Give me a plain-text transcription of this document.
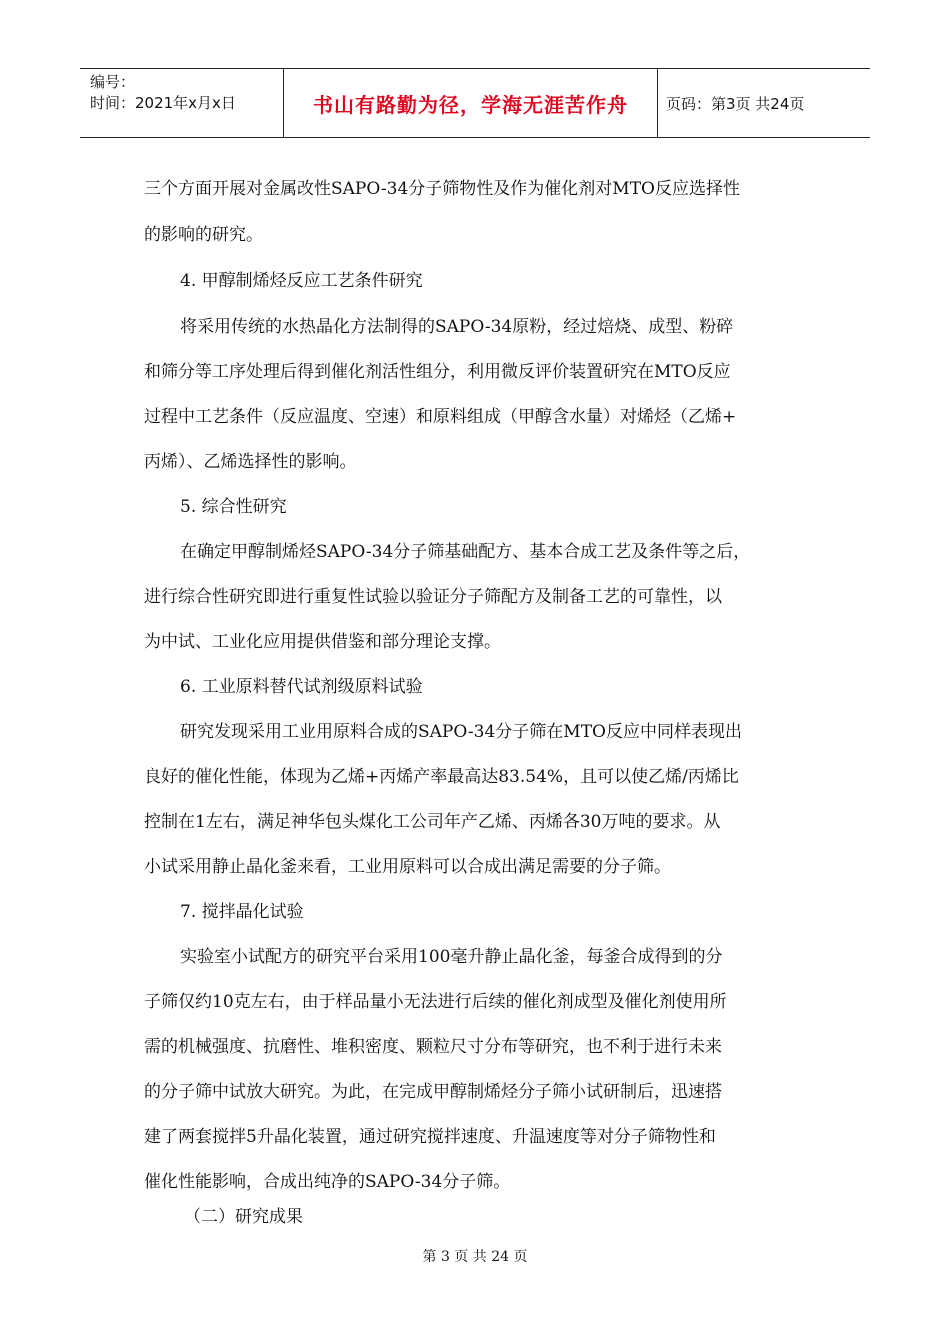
编号：
时间：2021年x月x日	书山有路勤为径，学海无涯苦作舟	页码：第3页 共24页
三个方面开展对金属改性SAPO-34分子筛物性及作为催化剂对MTO反应选择性
的影响的研究。
4. 甲醇制烯烃反应工艺条件研究
将采用传统的水热晶化方法制得的SAPO-34原粉，经过焙烧、成型、粉碎
和筛分等工序处理后得到催化剂活性组分，利用微反评价装置研究在MTO反应
过程中工艺条件（反应温度、空速）和原料组成（甲醇含水量）对烯烃（乙烯+
丙烯）、乙烯选择性的影响。
5. 综合性研究
在确定甲醇制烯烃SAPO-34分子筛基础配方、基本合成工艺及条件等之后，
进行综合性研究即进行重复性试验以验证分子筛配方及制备工艺的可靠性，以
为中试、工业化应用提供借鉴和部分理论支撑。
6. 工业原料替代试剂级原料试验
研究发现采用工业用原料合成的SAPO-34分子筛在MTO反应中同样表现出
良好的催化性能，体现为乙烯+丙烯产率最高达83.54%，且可以使乙烯/丙烯比
控制在1左右，满足神华包头煤化工公司年产乙烯、丙烯各30万吨的要求。从
小试采用静止晶化釜来看，工业用原料可以合成出满足需要的分子筛。
7. 搅拌晶化试验
实验室小试配方的研究平台采用100毫升静止晶化釜，每釜合成得到的分
子筛仅约10克左右，由于样品量小无法进行后续的催化剂成型及催化剂使用所
需的机械强度、抗磨性、堆积密度、颗粒尺寸分布等研究，也不利于进行未来
的分子筛中试放大研究。为此，在完成甲醇制烯烃分子筛小试研制后，迅速搭
建了两套搅拌5升晶化装置，通过研究搅拌速度、升温速度等对分子筛物性和
催化性能影响，合成出纯净的SAPO-34分子筛。
（二）研究成果
第 3 页 共 24 页
